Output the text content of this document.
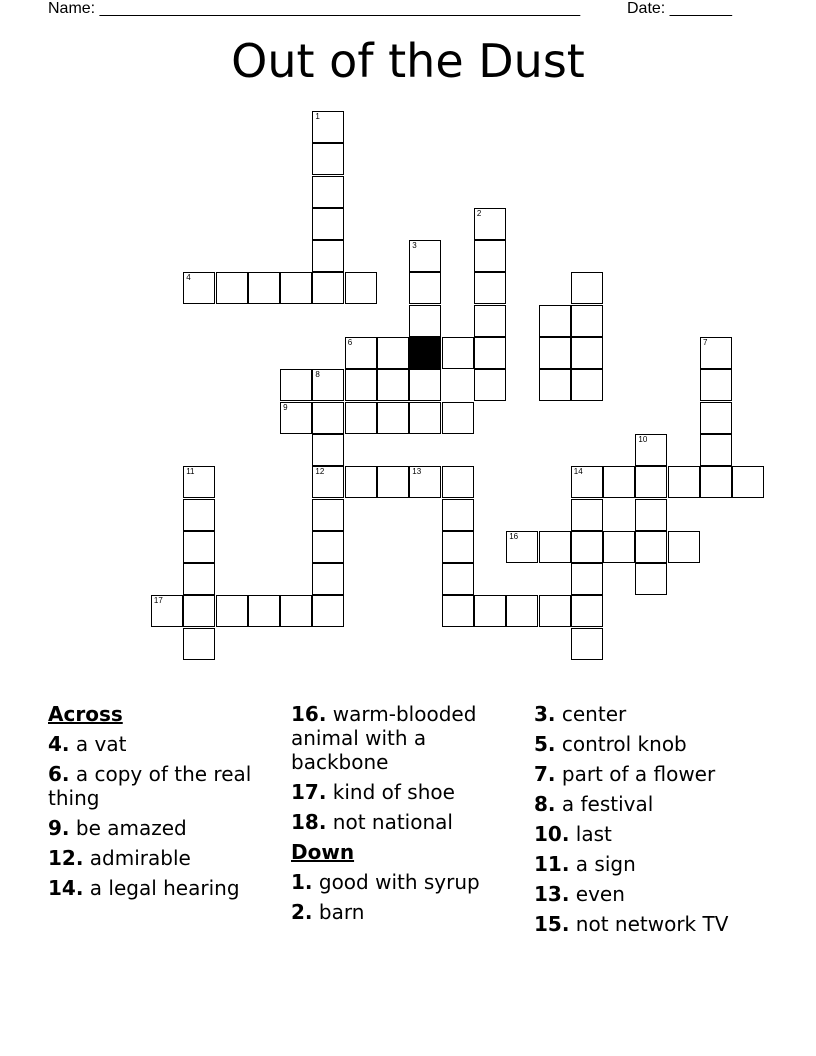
Name: ______________________________________________________	Date: _______
Out of the Dust
1
2
3
4
6
8
9
7
10
14
12	13
11
17
16
Across
4. a vat
6. a copy of the real thing
9. be amazed
12. admirable
14. a legal hearing
16. warm-blooded animal with a backbone
17. kind of shoe
18. not national
Down
1. good with syrup
2. barn
3. center
5. control knob
7. part of a flower
8. a festival
10. last
11. a sign
13. even
15. not network TV
